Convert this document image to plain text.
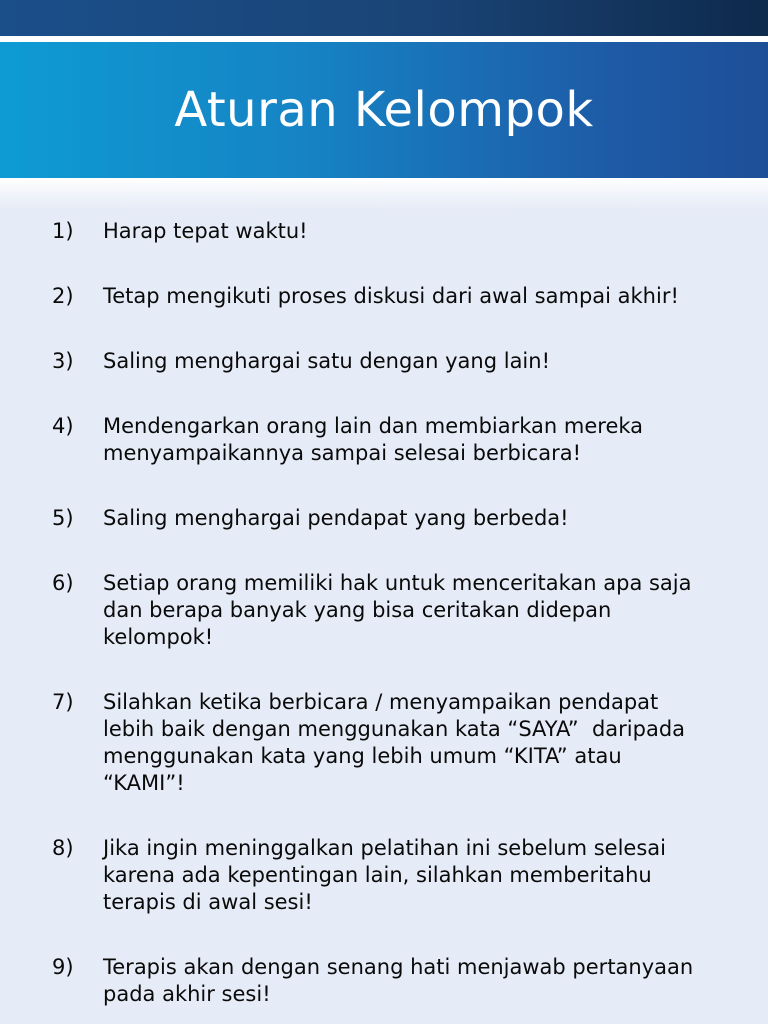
Aturan Kelompok
1) Harap tepat waktu!
2) Tetap mengikuti proses diskusi dari awal sampai akhir!
3) Saling menghargai satu dengan yang lain!
4) Mendengarkan orang lain dan membiarkan mereka
menyampaikannya sampai selesai berbicara!
5) Saling menghargai pendapat yang berbeda!
6) Setiap orang memiliki hak untuk menceritakan apa saja
dan berapa banyak yang bisa ceritakan didepan
kelompok!
7) Silahkan ketika berbicara / menyampaikan pendapat
lebih baik dengan menggunakan kata “SAYA”  daripada
menggunakan kata yang lebih umum “KITA” atau
“KAMI”!
8) Jika ingin meninggalkan pelatihan ini sebelum selesai
karena ada kepentingan lain, silahkan memberitahu
terapis di awal sesi!
9) Terapis akan dengan senang hati menjawab pertanyaan
pada akhir sesi!
